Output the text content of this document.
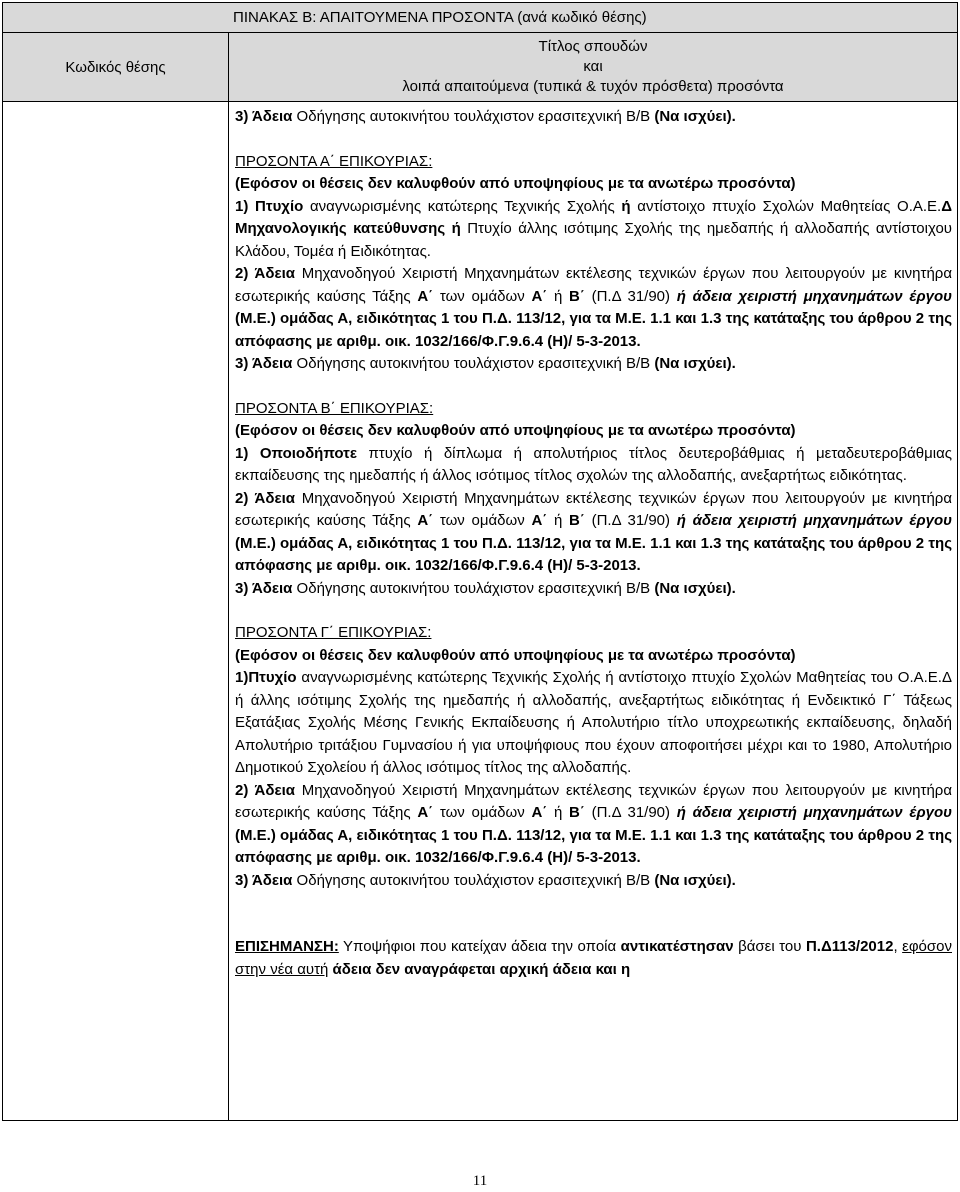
ΠΙΝΑΚΑΣ Β: ΑΠΑΙΤΟΥΜΕΝΑ ΠΡΟΣΟΝΤΑ (ανά κωδικό θέσης)
Κωδικός θέσης
Τίτλος σπουδών
και
λοιπά απαιτούμενα (τυπικά & τυχόν πρόσθετα) προσόντα

3) Άδεια Οδήγησης αυτοκινήτου τουλάχιστον ερασιτεχνική Β/Β (Να ισχύει).

ΠΡΟΣΟΝΤΑ Α΄ ΕΠΙΚΟΥΡΙΑΣ:

(Εφόσον οι θέσεις δεν καλυφθούν από υποψηφίους με τα ανωτέρω προσόντα)

1) Πτυχίο αναγνωρισμένης κατώτερης Τεχνικής Σχολής ή αντίστοιχο πτυχίο Σχολών Μαθητείας Ο.Α.Ε.Δ Μηχανολογικής κατεύθυνσης ή Πτυχίο άλλης ισότιμης Σχολής της ημεδαπής ή αλλοδαπής αντίστοιχου Κλάδου, Τομέα ή Ειδικότητας.

2) Άδεια Μηχανοδηγού Χειριστή Μηχανημάτων εκτέλεσης τεχνικών έργων που λειτουργούν με κινητήρα εσωτερικής καύσης Τάξης Α΄ των ομάδων Α΄ ή Β΄ (Π.Δ 31/90) ή άδεια χειριστή μηχανημάτων έργου (Μ.Ε.) ομάδας Α, ειδικότητας 1 του Π.Δ. 113/12, για τα Μ.Ε. 1.1 και 1.3 της κατάταξης του άρθρου 2 της απόφασης με αριθμ. οικ. 1032/166/Φ.Γ.9.6.4 (Η)/ 5-3-2013.

3) Άδεια Οδήγησης αυτοκινήτου τουλάχιστον ερασιτεχνική Β/Β (Να ισχύει).

ΠΡΟΣΟΝΤΑ Β΄ ΕΠΙΚΟΥΡΙΑΣ:

(Εφόσον οι θέσεις δεν καλυφθούν από υποψηφίους με τα ανωτέρω προσόντα)

1) Οποιοδήποτε πτυχίο ή δίπλωμα ή απολυτήριος τίτλος δευτεροβάθμιας ή μεταδευτεροβάθμιας εκπαίδευσης της ημεδαπής ή άλλος ισότιμος τίτλος σχολών της αλλοδαπής, ανεξαρτήτως ειδικότητας.

2) Άδεια Μηχανοδηγού Χειριστή Μηχανημάτων εκτέλεσης τεχνικών έργων που λειτουργούν με κινητήρα εσωτερικής καύσης Τάξης Α΄ των ομάδων Α΄ ή Β΄ (Π.Δ 31/90) ή άδεια χειριστή μηχανημάτων έργου (Μ.Ε.) ομάδας Α, ειδικότητας 1 του Π.Δ. 113/12, για τα Μ.Ε. 1.1 και 1.3 της κατάταξης του άρθρου 2 της απόφασης με αριθμ. οικ. 1032/166/Φ.Γ.9.6.4 (Η)/ 5-3-2013.

3) Άδεια Οδήγησης αυτοκινήτου τουλάχιστον ερασιτεχνική Β/Β (Να ισχύει).

ΠΡΟΣΟΝΤΑ Γ΄ ΕΠΙΚΟΥΡΙΑΣ:

(Εφόσον οι θέσεις δεν καλυφθούν από υποψηφίους με τα ανωτέρω προσόντα)

1)Πτυχίο αναγνωρισμένης κατώτερης Τεχνικής Σχολής ή αντίστοιχο πτυχίο Σχολών Μαθητείας του Ο.Α.Ε.Δ ή άλλης ισότιμης Σχολής της ημεδαπής ή αλλοδαπής, ανεξαρτήτως ειδικότητας ή Ενδεικτικό Γ΄ Τάξεως Εξατάξιας Σχολής Μέσης Γενικής Εκπαίδευσης ή Απολυτήριο τίτλο υποχρεωτικής εκπαίδευσης, δηλαδή Απολυτήριο τριτάξιου Γυμνασίου ή για υποψήφιους που έχουν αποφοιτήσει μέχρι και το 1980, Απολυτήριο Δημοτικού Σχολείου ή άλλος ισότιμος τίτλος της αλλοδαπής.

2) Άδεια Μηχανοδηγού Χειριστή Μηχανημάτων εκτέλεσης τεχνικών έργων που λειτουργούν με κινητήρα εσωτερικής καύσης Τάξης Α΄ των ομάδων Α΄ ή Β΄ (Π.Δ 31/90) ή άδεια χειριστή μηχανημάτων έργου (Μ.Ε.) ομάδας Α, ειδικότητας 1 του Π.Δ. 113/12, για τα Μ.Ε. 1.1 και 1.3 της κατάταξης του άρθρου 2 της απόφασης με αριθμ. οικ. 1032/166/Φ.Γ.9.6.4 (Η)/ 5-3-2013.

3) Άδεια Οδήγησης αυτοκινήτου τουλάχιστον ερασιτεχνική Β/Β (Να ισχύει).

ΕΠΙΣΗΜΑΝΣΗ: Υποψήφιοι που κατείχαν άδεια την οποία αντικατέστησαν βάσει του Π.Δ113/2012, εφόσον στην νέα αυτή άδεια δεν αναγράφεται αρχική άδεια και η

11
